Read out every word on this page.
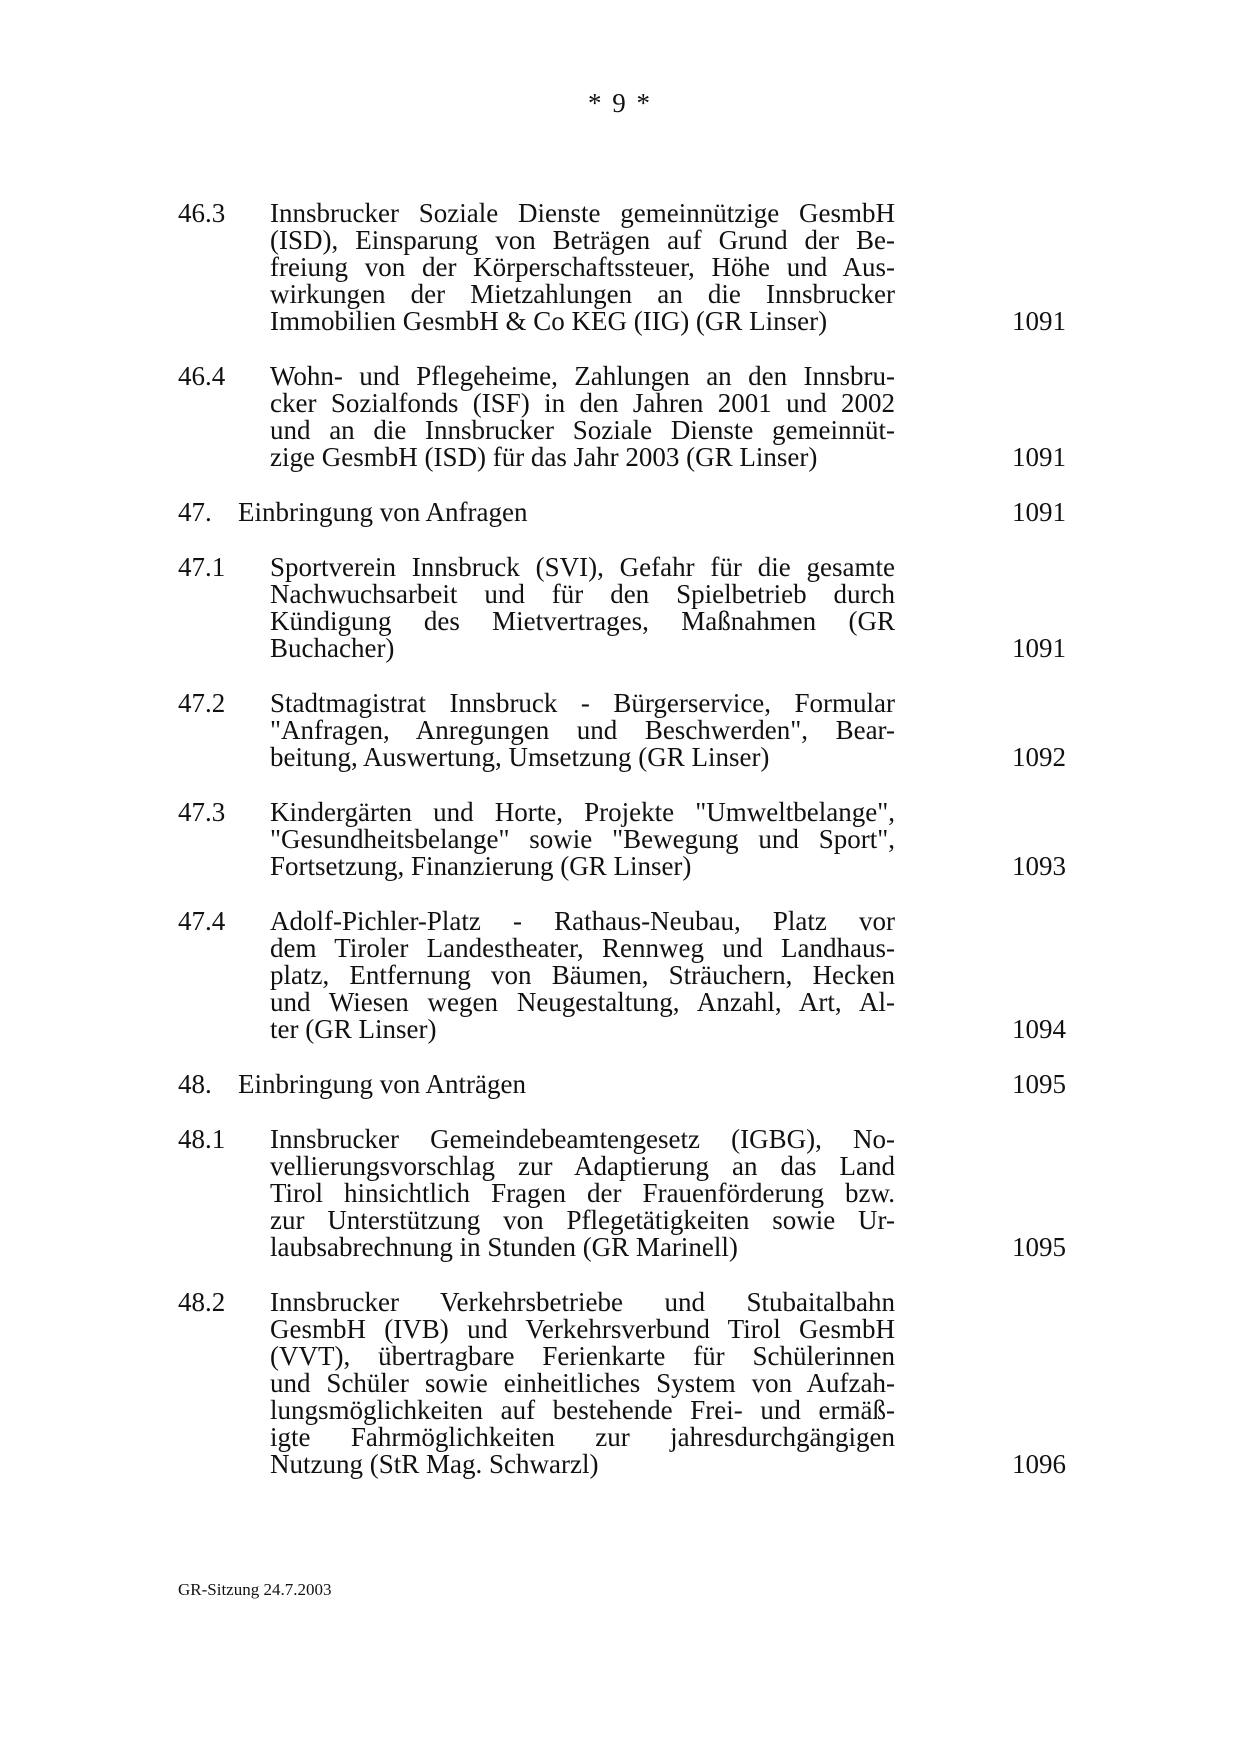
* 9 *
46.3 Innsbrucker Soziale Dienste gemeinnützige GesmbH
(ISD), Einsparung von Beträgen auf Grund der Be-
freiung von der Körperschaftssteuer, Höhe und Aus-
wirkungen der Mietzahlungen an die Innsbrucker
Immobilien GesmbH & Co KEG (IIG) (GR Linser)	1091
46.4 Wohn- und Pflegeheime, Zahlungen an den Innsbru-
cker Sozialfonds (ISF) in den Jahren 2001 und 2002
und an die Innsbrucker Soziale Dienste gemeinnüt-
zige GesmbH (ISD) für das Jahr 2003 (GR Linser)	1091
47. Einbringung von Anfragen	1091
47.1 Sportverein Innsbruck (SVI), Gefahr für die gesamte
Nachwuchsarbeit und für den Spielbetrieb durch
Kündigung des Mietvertrages, Maßnahmen (GR
Buchacher)	1091
47.2 Stadtmagistrat Innsbruck - Bürgerservice, Formular
"Anfragen, Anregungen und Beschwerden", Bear-
beitung, Auswertung, Umsetzung (GR Linser)	1092
47.3 Kindergärten und Horte, Projekte "Umweltbelange",
"Gesundheitsbelange" sowie "Bewegung und Sport",
Fortsetzung, Finanzierung (GR Linser)	1093
47.4 Adolf-Pichler-Platz - Rathaus-Neubau, Platz vor
dem Tiroler Landestheater, Rennweg und Landhaus-
platz, Entfernung von Bäumen, Sträuchern, Hecken
und Wiesen wegen Neugestaltung, Anzahl, Art, Al-
ter (GR Linser)	1094
48. Einbringung von Anträgen	1095
48.1 Innsbrucker Gemeindebeamtengesetz (IGBG), No-
vellierungsvorschlag zur Adaptierung an das Land
Tirol hinsichtlich Fragen der Frauenförderung bzw.
zur Unterstützung von Pflegetätigkeiten sowie Ur-
laubsabrechnung in Stunden (GR Marinell)	1095
48.2 Innsbrucker Verkehrsbetriebe und Stubaitalbahn
GesmbH (IVB) und Verkehrsverbund Tirol GesmbH
(VVT), übertragbare Ferienkarte für Schülerinnen
und Schüler sowie einheitliches System von Aufzah-
lungsmöglichkeiten auf bestehende Frei- und ermäß-
igte Fahrmöglichkeiten zur jahresdurchgängigen
Nutzung (StR Mag. Schwarzl)	1096
GR-Sitzung 24.7.2003
